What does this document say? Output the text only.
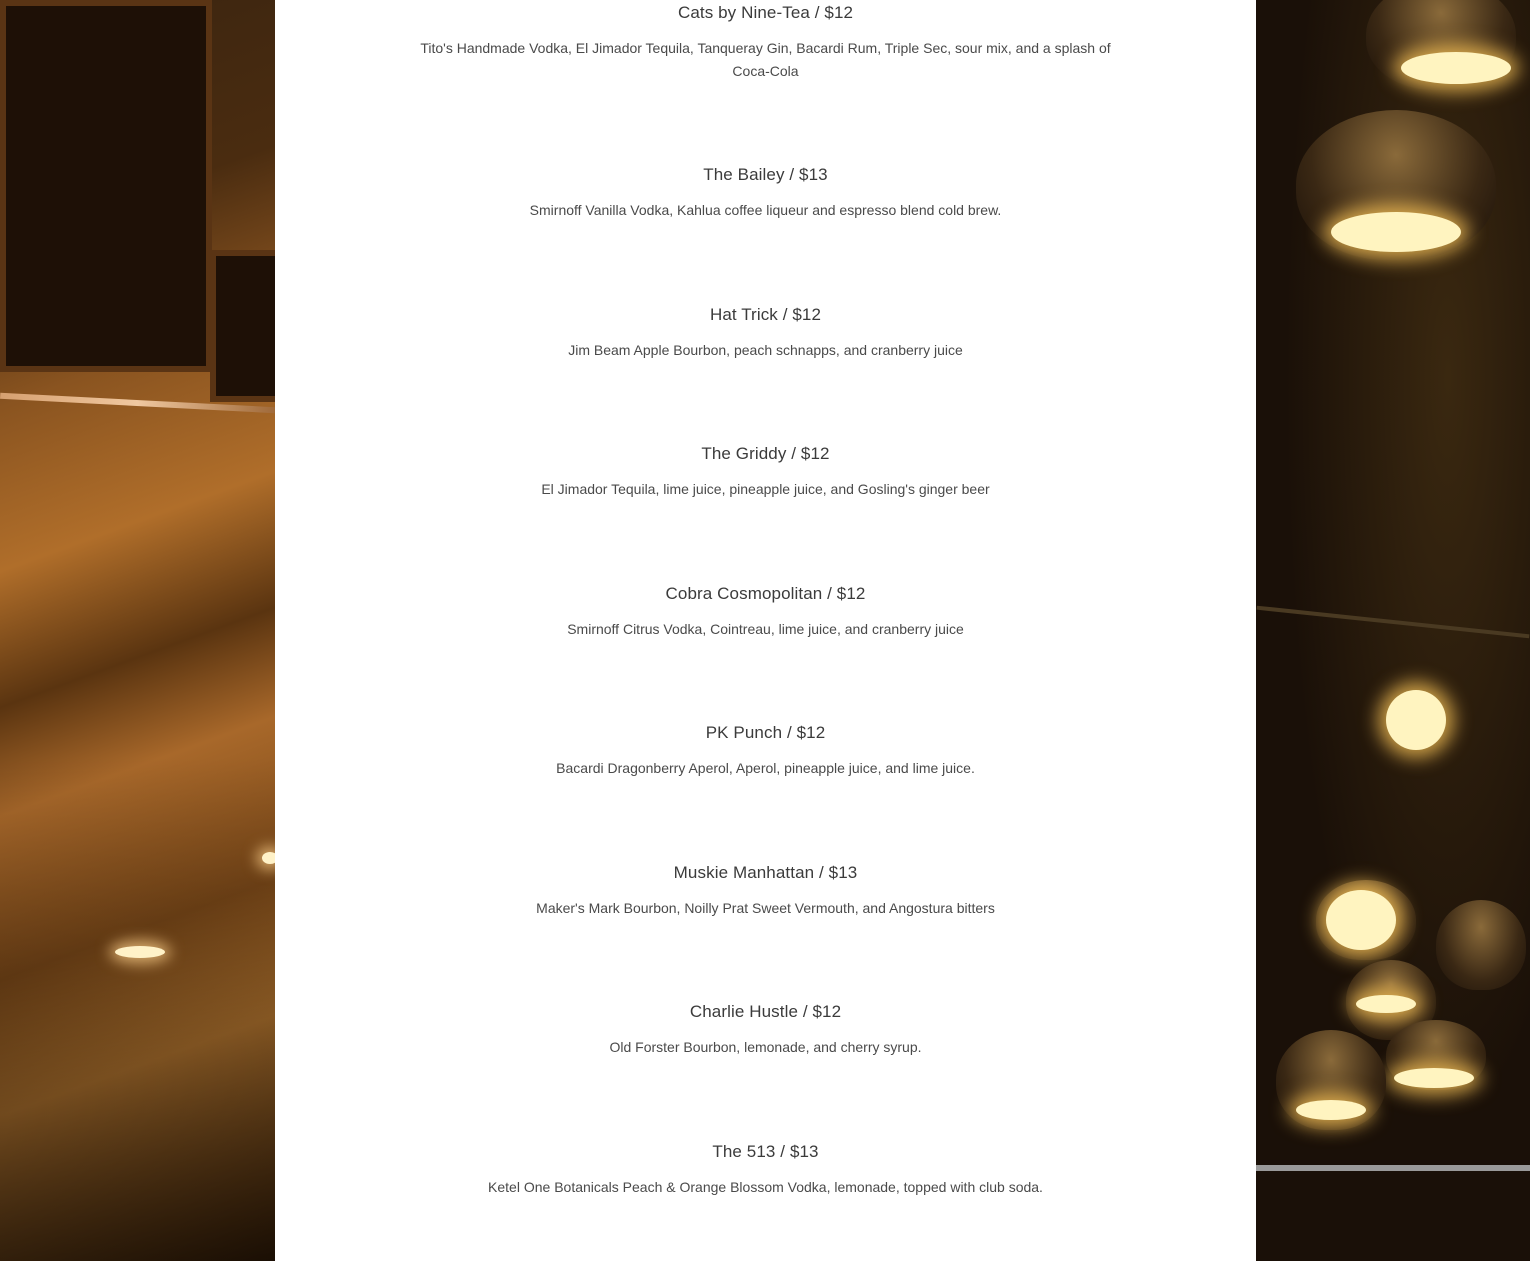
Cats by Nine-Tea / $12

Tito's Handmade Vodka, El Jimador Tequila, Tanqueray Gin, Bacardi Rum, Triple Sec, sour mix, and a splash of Coca-Cola

The Bailey / $13

Smirnoff Vanilla Vodka, Kahlua coffee liqueur and espresso blend cold brew.

Hat Trick / $12

Jim Beam Apple Bourbon, peach schnapps, and cranberry juice

The Griddy / $12

El Jimador Tequila, lime juice, pineapple juice, and Gosling's ginger beer

Cobra Cosmopolitan / $12

Smirnoff Citrus Vodka, Cointreau, lime juice, and cranberry juice

PK Punch / $12

Bacardi Dragonberry Aperol, Aperol, pineapple juice, and lime juice.

Muskie Manhattan / $13

Maker's Mark Bourbon, Noilly Prat Sweet Vermouth, and Angostura bitters

Charlie Hustle / $12

Old Forster Bourbon, lemonade, and cherry syrup.

The 513 / $13

Ketel One Botanicals Peach & Orange Blossom Vodka, lemonade, topped with club soda.
